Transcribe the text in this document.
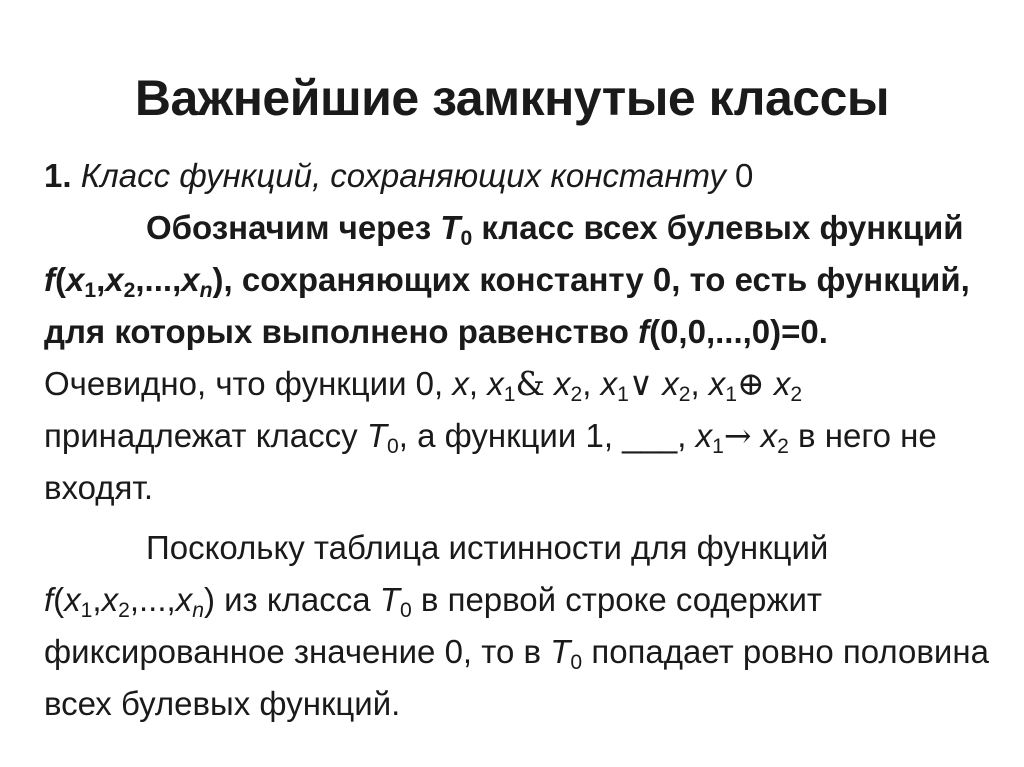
Важнейшие замкнутые классы

1. Класс функций, сохраняющих константу 0

Обозначим через $T_0$ класс всех булевых функций $f(x_1,x_2,...,x_n)$, сохраняющих константу 0, то есть функций, для которых выполнено равенство f(0,0,...,0)=0. Очевидно, что функции 0, x, $x_1\&$ $x_2$, $x_1\vee$ $x_2$, $x_1\oplus$ $x_2$ принадлежат классу $T_0$, а функции 1, ___, $x_1\to x_2$ в него не входят.

Поскольку таблица истинности для функций $f(x_1,x_2,...,x_n)$ из класса $T_0$ в первой строке содержит фиксированное значение 0, то в $T_0$ попадает ровно половина всех булевых функций.
